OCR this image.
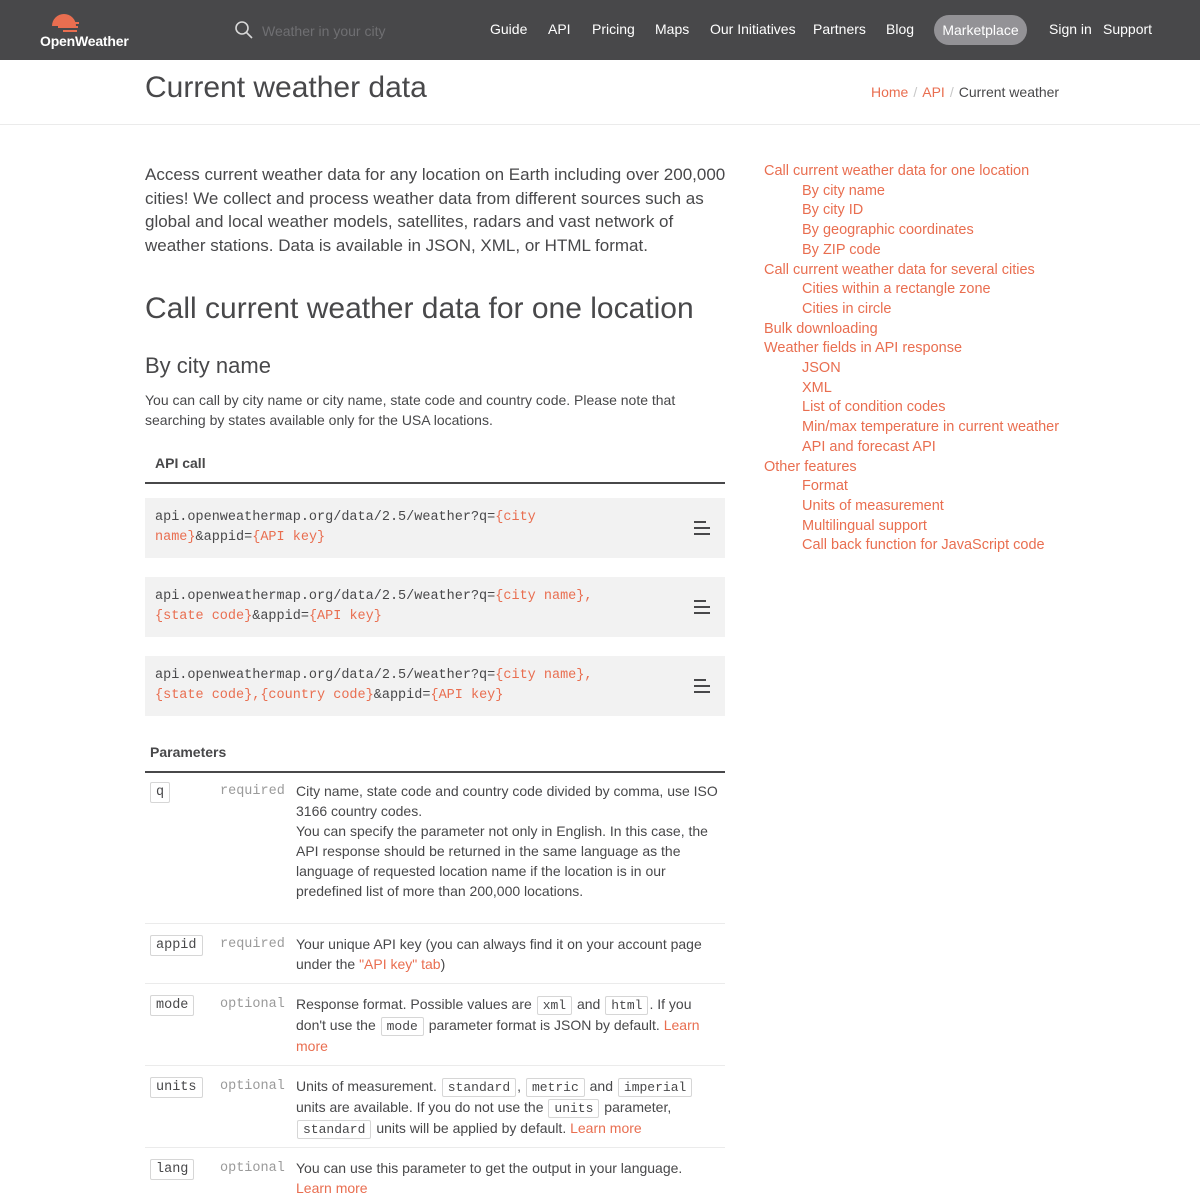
OpenWeather
Weather in your city
Guide API Pricing Maps Our Initiatives Partners Blog	Marketplace	Sign in Support
Current weather data	Home / API / Current weather

Access current weather data for any location on Earth including over 200,000 cities! We collect and process weather data from different sources such as global and local weather models, satellites, radars and vast network of weather stations. Data is available in JSON, XML, or HTML format.

Call current weather data for one location
By city name

You can call by city name or city name, state code and country code. Please note that searching by states available only for the USA locations.

API call
api.openweathermap.org/data/2.5/weather?q={city
name}&appid={API key}
api.openweathermap.org/data/2.5/weather?q={city name},
{state code}&appid={API key}
api.openweathermap.org/data/2.5/weather?q={city name},
{state code},{country code}&appid={API key}
Parameters
q	required City name, state code and country code divided by comma, use ISO 3166 country codes.
You can specify the parameter not only in English. In this case, the API response should be returned in the same language as the language of requested location name if the location is in our predefined list of more than 200,000 locations.
appid	required Your unique API key (you can always find it on your account page under the "API key" tab)
mode	optional Response format. Possible values are xml and html . If you don't use the mode parameter format is JSON by default. Learn more
units	optional Units of measurement. standard , metric and imperial units are available. If you do not use the units parameter, standard units will be applied by default. Learn more
lang	optional You can use this parameter to get the output in your language.
Learn more
Call current weather data for one location
By city name
By city ID
By geographic coordinates
By ZIP code
Call current weather data for several cities
Cities within a rectangle zone
Cities in circle
Bulk downloading
Weather fields in API response
JSON
XML
List of condition codes
Min/max temperature in current weather
API and forecast API
Other features
Format
Units of measurement
Multilingual support
Call back function for JavaScript code
